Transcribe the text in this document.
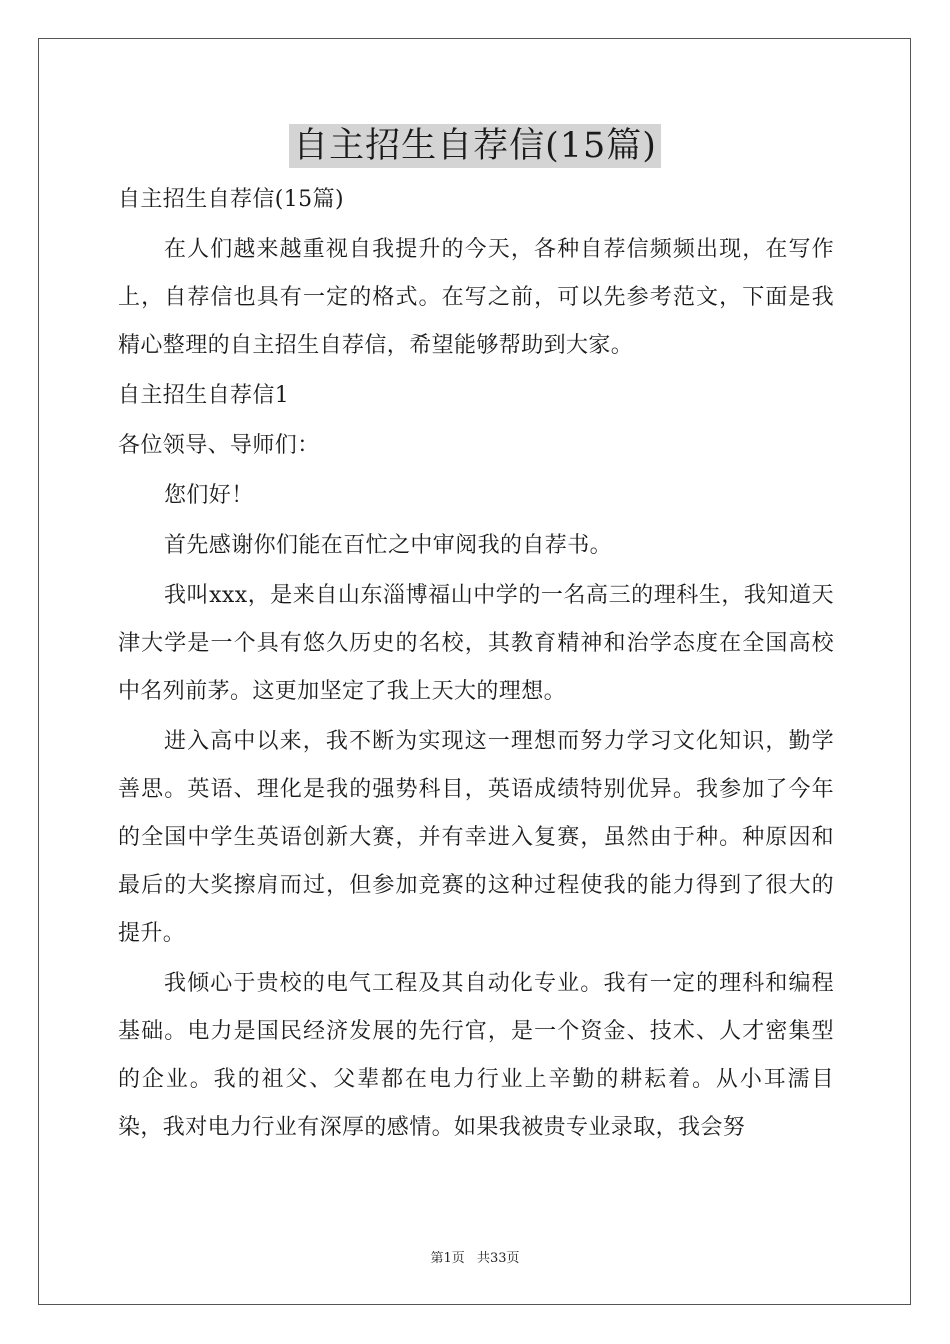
自主招生自荐信(15篇)

自主招生自荐信(15篇)

在人们越来越重视自我提升的今天，各种自荐信频频出现，在写作上，自荐信也具有一定的格式。在写之前，可以先参考范文，下面是我精心整理的自主招生自荐信，希望能够帮助到大家。

自主招生自荐信1

各位领导、导师们：

您们好！

首先感谢你们能在百忙之中审阅我的自荐书。

我叫xxx，是来自山东淄博福山中学的一名高三的理科生，我知道天津大学是一个具有悠久历史的名校，其教育精神和治学态度在全国高校中名列前茅。这更加坚定了我上天大的理想。

进入高中以来，我不断为实现这一理想而努力学习文化知识，勤学善思。英语、理化是我的强势科目，英语成绩特别优异。我参加了今年的全国中学生英语创新大赛，并有幸进入复赛，虽然由于种。种原因和最后的大奖擦肩而过，但参加竞赛的这种过程使我的能力得到了很大的提升。

我倾心于贵校的电气工程及其自动化专业。我有一定的理科和编程基础。电力是国民经济发展的先行官，是一个资金、技术、人才密集型的企业。我的祖父、父辈都在电力行业上辛勤的耕耘着。从小耳濡目染，我对电力行业有深厚的感情。如果我被贵专业录取，我会努

第1页 共33页
